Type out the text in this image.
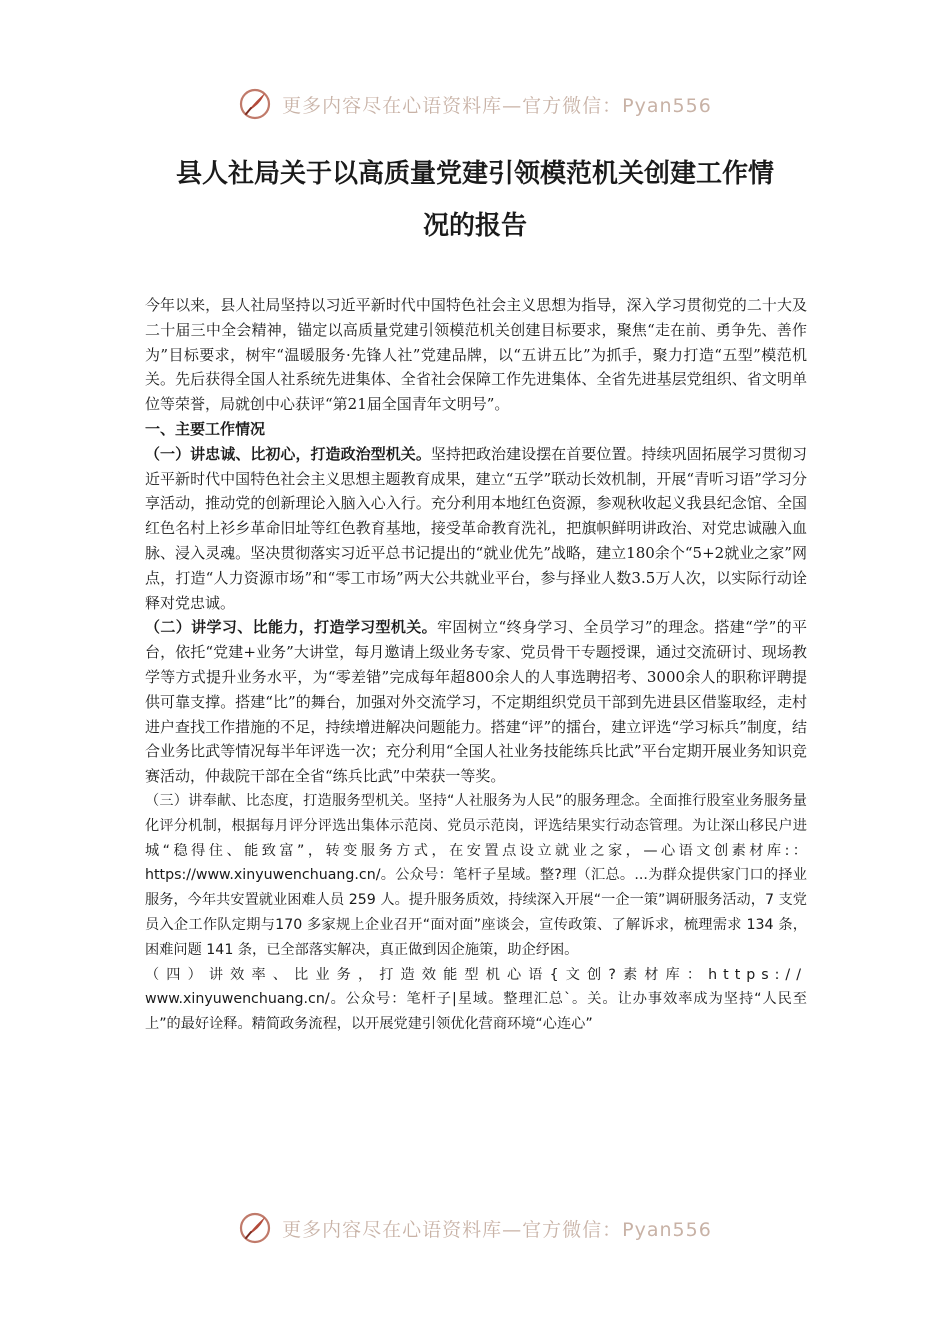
更多内容尽在心语资料库—官方微信：Pyan556
县人社局关于以高质量党建引领模范机关创建工作情
况的报告

今年以来，县人社局坚持以习近平新时代中国特色社会主义思想为指导，深入学习贯彻党的二十大及二十届三中全会精神，锚定以高质量党建引领模范机关创建目标要求，聚焦“走在前、勇争先、善作为”目标要求，树牢“温暖服务·先锋人社”党建品牌，以“五讲五比”为抓手，聚力打造“五型”模范机关。先后获得全国人社系统先进集体、全省社会保障工作先进集体、全省先进基层党组织、省文明单位等荣誉，局就创中心获评“第21届全国青年文明号”。

一、主要工作情况

（一）讲忠诚、比初心，打造政治型机关。坚持把政治建设摆在首要位置。持续巩固拓展学习贯彻习近平新时代中国特色社会主义思想主题教育成果，建立“五学”联动长效机制，开展“青听习语”学习分享活动，推动党的创新理论入脑入心入行。充分利用本地红色资源，参观秋收起义我县纪念馆、全国红色名村上衫乡革命旧址等红色教育基地，接受革命教育洗礼，把旗帜鲜明讲政治、对党忠诚融入血脉、浸入灵魂。坚决贯彻落实习近平总书记提出的“就业优先”战略，建立180余个“5+2就业之家”网点，打造“人力资源市场”和“零工市场”两大公共就业平台，参与择业人数3.5万人次，以实际行动诠释对党忠诚。

（二）讲学习、比能力，打造学习型机关。牢固树立“终身学习、全员学习”的理念。搭建“学”的平台，依托“党建+业务”大讲堂，每月邀请上级业务专家、党员骨干专题授课，通过交流研讨、现场教学等方式提升业务水平，为“零差错”完成每年超800余人的人事选聘招考、3000余人的职称评聘提供可靠支撑。搭建“比”的舞台，加强对外交流学习，不定期组织党员干部到先进县区借鉴取经，走村进户查找工作措施的不足，持续增进解决问题能力。搭建“评”的擂台，建立评选“学习标兵”制度，结合业务比武等情况每半年评选一次；充分利用“全国人社业务技能练兵比武”平台定期开展业务知识竞赛活动，仲裁院干部在全省“练兵比武”中荣获一等奖。

（三）讲奉献、比态度，打造服务型机关。坚持“人社服务为人民”的服务理念。全面推行股室业务服务量化评分机制，根据每月评分评选出集体示范岗、党员示范岗，评选结果实行动态管理。为让深山移民户进城“稳得住、能致富”，转变服务方式，在安置点设立就业之家，—心语文创素材库:：https://www.xinyuwenchuang.cn/。公众号：笔杆子星域。整?理（汇总。...为群众提供家门口的择业服务，今年共安置就业困难人员 259 人。提升服务质效，持续深入开展“一企一策”调研服务活动，7 支党员入企工作队定期与170 多家规上企业召开“面对面”座谈会，宣传政策、了解诉求，梳理需求 134 条，困难问题 141 条，已全部落实解决，真正做到因企施策，助企纾困。

（四）讲效率、比业务，打造效能型机心语{文创?素材库：https:// www.xinyuwenchuang.cn/。公众号：笔杆子|星域。整理汇总`。关。让办事效率成为坚持“人民至上”的最好诠释。精简政务流程，以开展党建引领优化营商环境“心连心”

更多内容尽在心语资料库—官方微信：Pyan556
